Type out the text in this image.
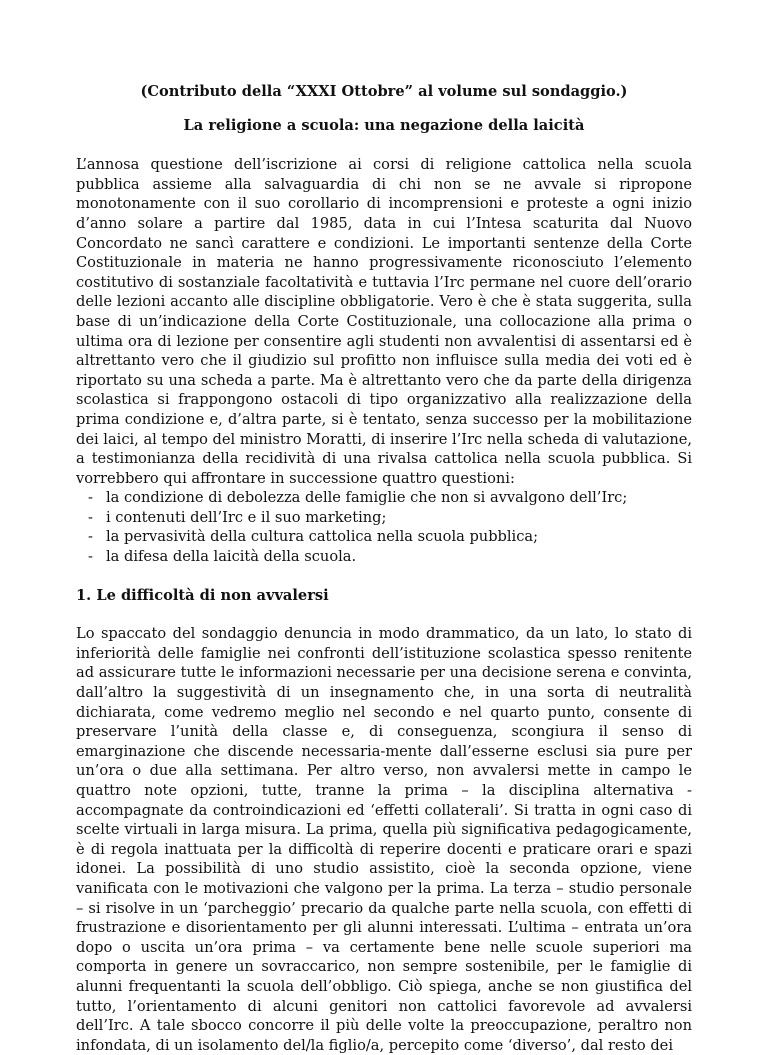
(Contributo della “XXXI Ottobre” al volume sul sondaggio.)

La religione a scuola: una negazione della laicità

L’annosa questione dell’iscrizione ai corsi di religione cattolica nella scuola pubblica assieme alla salvaguardia di chi non se ne avvale si ripropone monotonamente con il suo corollario di incomprensioni e proteste a ogni inizio d’anno solare a partire dal 1985, data in cui l’Intesa scaturita dal Nuovo Concordato ne sancì carattere e condizioni. Le importanti sentenze della Corte Costituzionale in materia ne hanno progressivamente riconosciuto l’elemento costitutivo di sostanziale facoltatività e tuttavia l’Irc permane nel cuore dell’orario delle lezioni accanto alle discipline obbligatorie. Vero è che è stata suggerita, sulla base di un’indicazione della Corte Costituzionale, una collocazione alla prima o ultima ora di lezione per consentire agli studenti non avvalentisi di assentarsi ed è altrettanto vero che il giudizio sul profitto non influisce sulla media dei voti ed è riportato su una scheda a parte. Ma è altrettanto vero che da parte della dirigenza scolastica si frappongono ostacoli di tipo organizzativo alla realizzazione della prima condizione e, d’altra parte, si è tentato, senza successo per la mobilitazione dei laici, al tempo del ministro Moratti, di inserire l’Irc nella scheda di valutazione, a testimonianza della recidività di una rivalsa cattolica nella scuola pubblica. Si vorrebbero qui affrontare in successione quattro questioni:

- la condizione di debolezza delle famiglie che non si avvalgono dell’Irc;
- i contenuti dell’Irc e il suo marketing;
- la pervasività della cultura cattolica nella scuola pubblica;
- la difesa della laicità della scuola.

1. Le difficoltà di non avvalersi

Lo spaccato del sondaggio denuncia in modo drammatico, da un lato, lo stato di inferiorità delle famiglie nei confronti dell’istituzione scolastica spesso renitente ad assicurare tutte le informazioni necessarie per una decisione serena e convinta, dall’altro la suggestività di un insegnamento che, in una sorta di neutralità dichiarata, come vedremo meglio nel secondo e nel quarto punto, consente di preservare l’unità della classe e, di conseguenza, scongiura il senso di emarginazione che discende necessaria-mente dall’esserne esclusi sia pure per un’ora o due alla settimana. Per altro verso, non avvalersi mette in campo le quattro note opzioni, tutte, tranne la prima – la disciplina alternativa - accompagnate da controindicazioni ed ‘effetti collaterali’. Si tratta in ogni caso di scelte virtuali in larga misura. La prima, quella più significativa pedagogicamente, è di regola inattuata per la difficoltà di reperire docenti e praticare orari e spazi idonei. La possibilità di uno studio assistito, cioè la seconda opzione, viene vanificata con le motivazioni che valgono per la prima. La terza – studio personale – si risolve in un ‘parcheggio’ precario da qualche parte nella scuola, con effetti di frustrazione e disorientamento per gli alunni interessati. L’ultima – entrata un’ora dopo o uscita un’ora prima – va certamente bene nelle scuole superiori ma comporta in genere un sovraccarico, non sempre sostenibile, per le famiglie di alunni frequentanti la scuola dell’obbligo. Ciò spiega, anche se non giustifica del tutto, l’orientamento di alcuni genitori non cattolici favorevole ad avvalersi dell’Irc. A tale sbocco concorre il più delle volte la preoccupazione, peraltro non infondata, di un isolamento del/la figlio/a, percepito come ‘diverso’, dal resto dei
